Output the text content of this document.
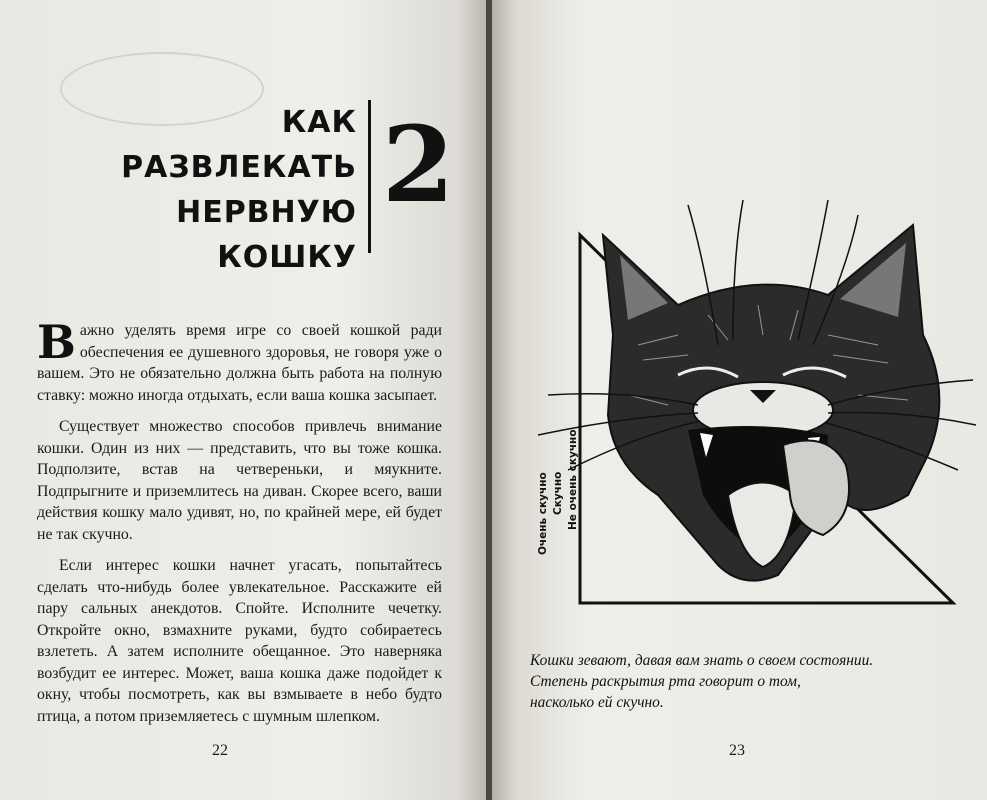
КАК
РАЗВЛЕКАТЬ
НЕРВНУЮ
КОШКУ
2

Важно уделять время игре со своей кошкой ради обеспечения ее душевного здоровья, не говоря уже о вашем. Это не обязательно должна быть работа на полную ставку: можно иногда отдыхать, если ваша кошка засыпает.

Существует множество способов привлечь внимание кошки. Один из них — представить, что вы тоже кошка. Подползите, встав на четвереньки, и мяукните. Подпрыгните и приземлитесь на диван. Скорее всего, ваши действия кошку мало удивят, но, по крайней мере, ей будет не так скучно.

Если интерес кошки начнет угасать, попытайтесь сделать что-нибудь более увлекательное. Расскажите ей пару сальных анекдотов. Спойте. Исполните чечетку. Откройте окно, взмахните руками, будто собираетесь взлететь. А затем исполните обещанное. Это наверняка возбудит ее интерес. Может, ваша кошка даже подойдет к окну, чтобы посмотреть, как вы взмываете в небо будто птица, а потом приземляетесь с шумным шлепком.

22
Очень скучно Скучно Не очень скучно
Кошки зевают, давая вам знать о своем состоянии.
Степень раскрытия рта говорит о том,
насколько ей скучно.
23
